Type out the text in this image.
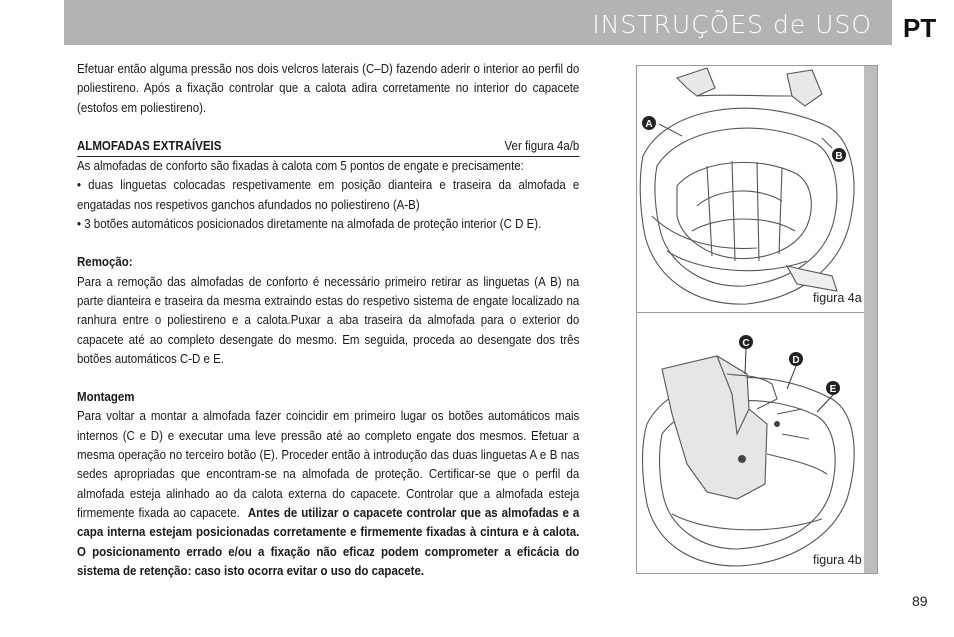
INSTRUÇÕES de USO PT

Efetuar então alguma pressão nos dois velcros laterais (C–D) fazendo aderir o interior ao perfil do poliestireno. Após a fixação controlar que a calota adira corretamente no interior do capacete (estofos em poliestireno).

ALMOFADAS EXTRAÍVEIS	Ver figura 4a/b

As almofadas de conforto são fixadas à calota com 5 pontos de engate e precisamente:

• duas linguetas colocadas respetivamente em posição dianteira e traseira da almofada e engatadas nos respetivos ganchos afundados no poliestireno (A-B)

• 3 botões automáticos posicionados diretamente na almofada de proteção interior (C D E).

Remoção:

Para a remoção das almofadas de conforto é necessário primeiro retirar as linguetas (A B) na parte dianteira e traseira da mesma extraindo estas do respetivo sistema de engate localizado na ranhura entre o poliestireno e a calota.Puxar a aba traseira da almofada para o exterior do capacete até ao completo desengate do mesmo. Em seguida, proceda ao desengate dos três botões automáticos C-D e E.

Montagem

Para voltar a montar a almofada fazer coincidir em primeiro lugar os botões automáticos mais internos (C e D) e executar uma leve pressão até ao completo engate dos mesmos. Efetuar a mesma operação no terceiro botão (E). Proceder então à introdução das duas linguetas A e B nas sedes apropriadas que encontram-se na almofada de proteção. Certificar-se que o perfil da almofada esteja alinhado ao da calota externa do capacete. Controlar que a almofada esteja firmemente fixada ao capacete. Antes de utilizar o capacete controlar que as almofadas e a capa interna estejam posicionadas corretamente e firmemente fixadas à cintura e à calota. O posicionamento errado e/ou a fixação não eficaz podem comprometer a eficácia do sistema de retenção: caso isto ocorra evitar o uso do capacete.

A
B
figura 4a
C
D
E
figura 4b
89
